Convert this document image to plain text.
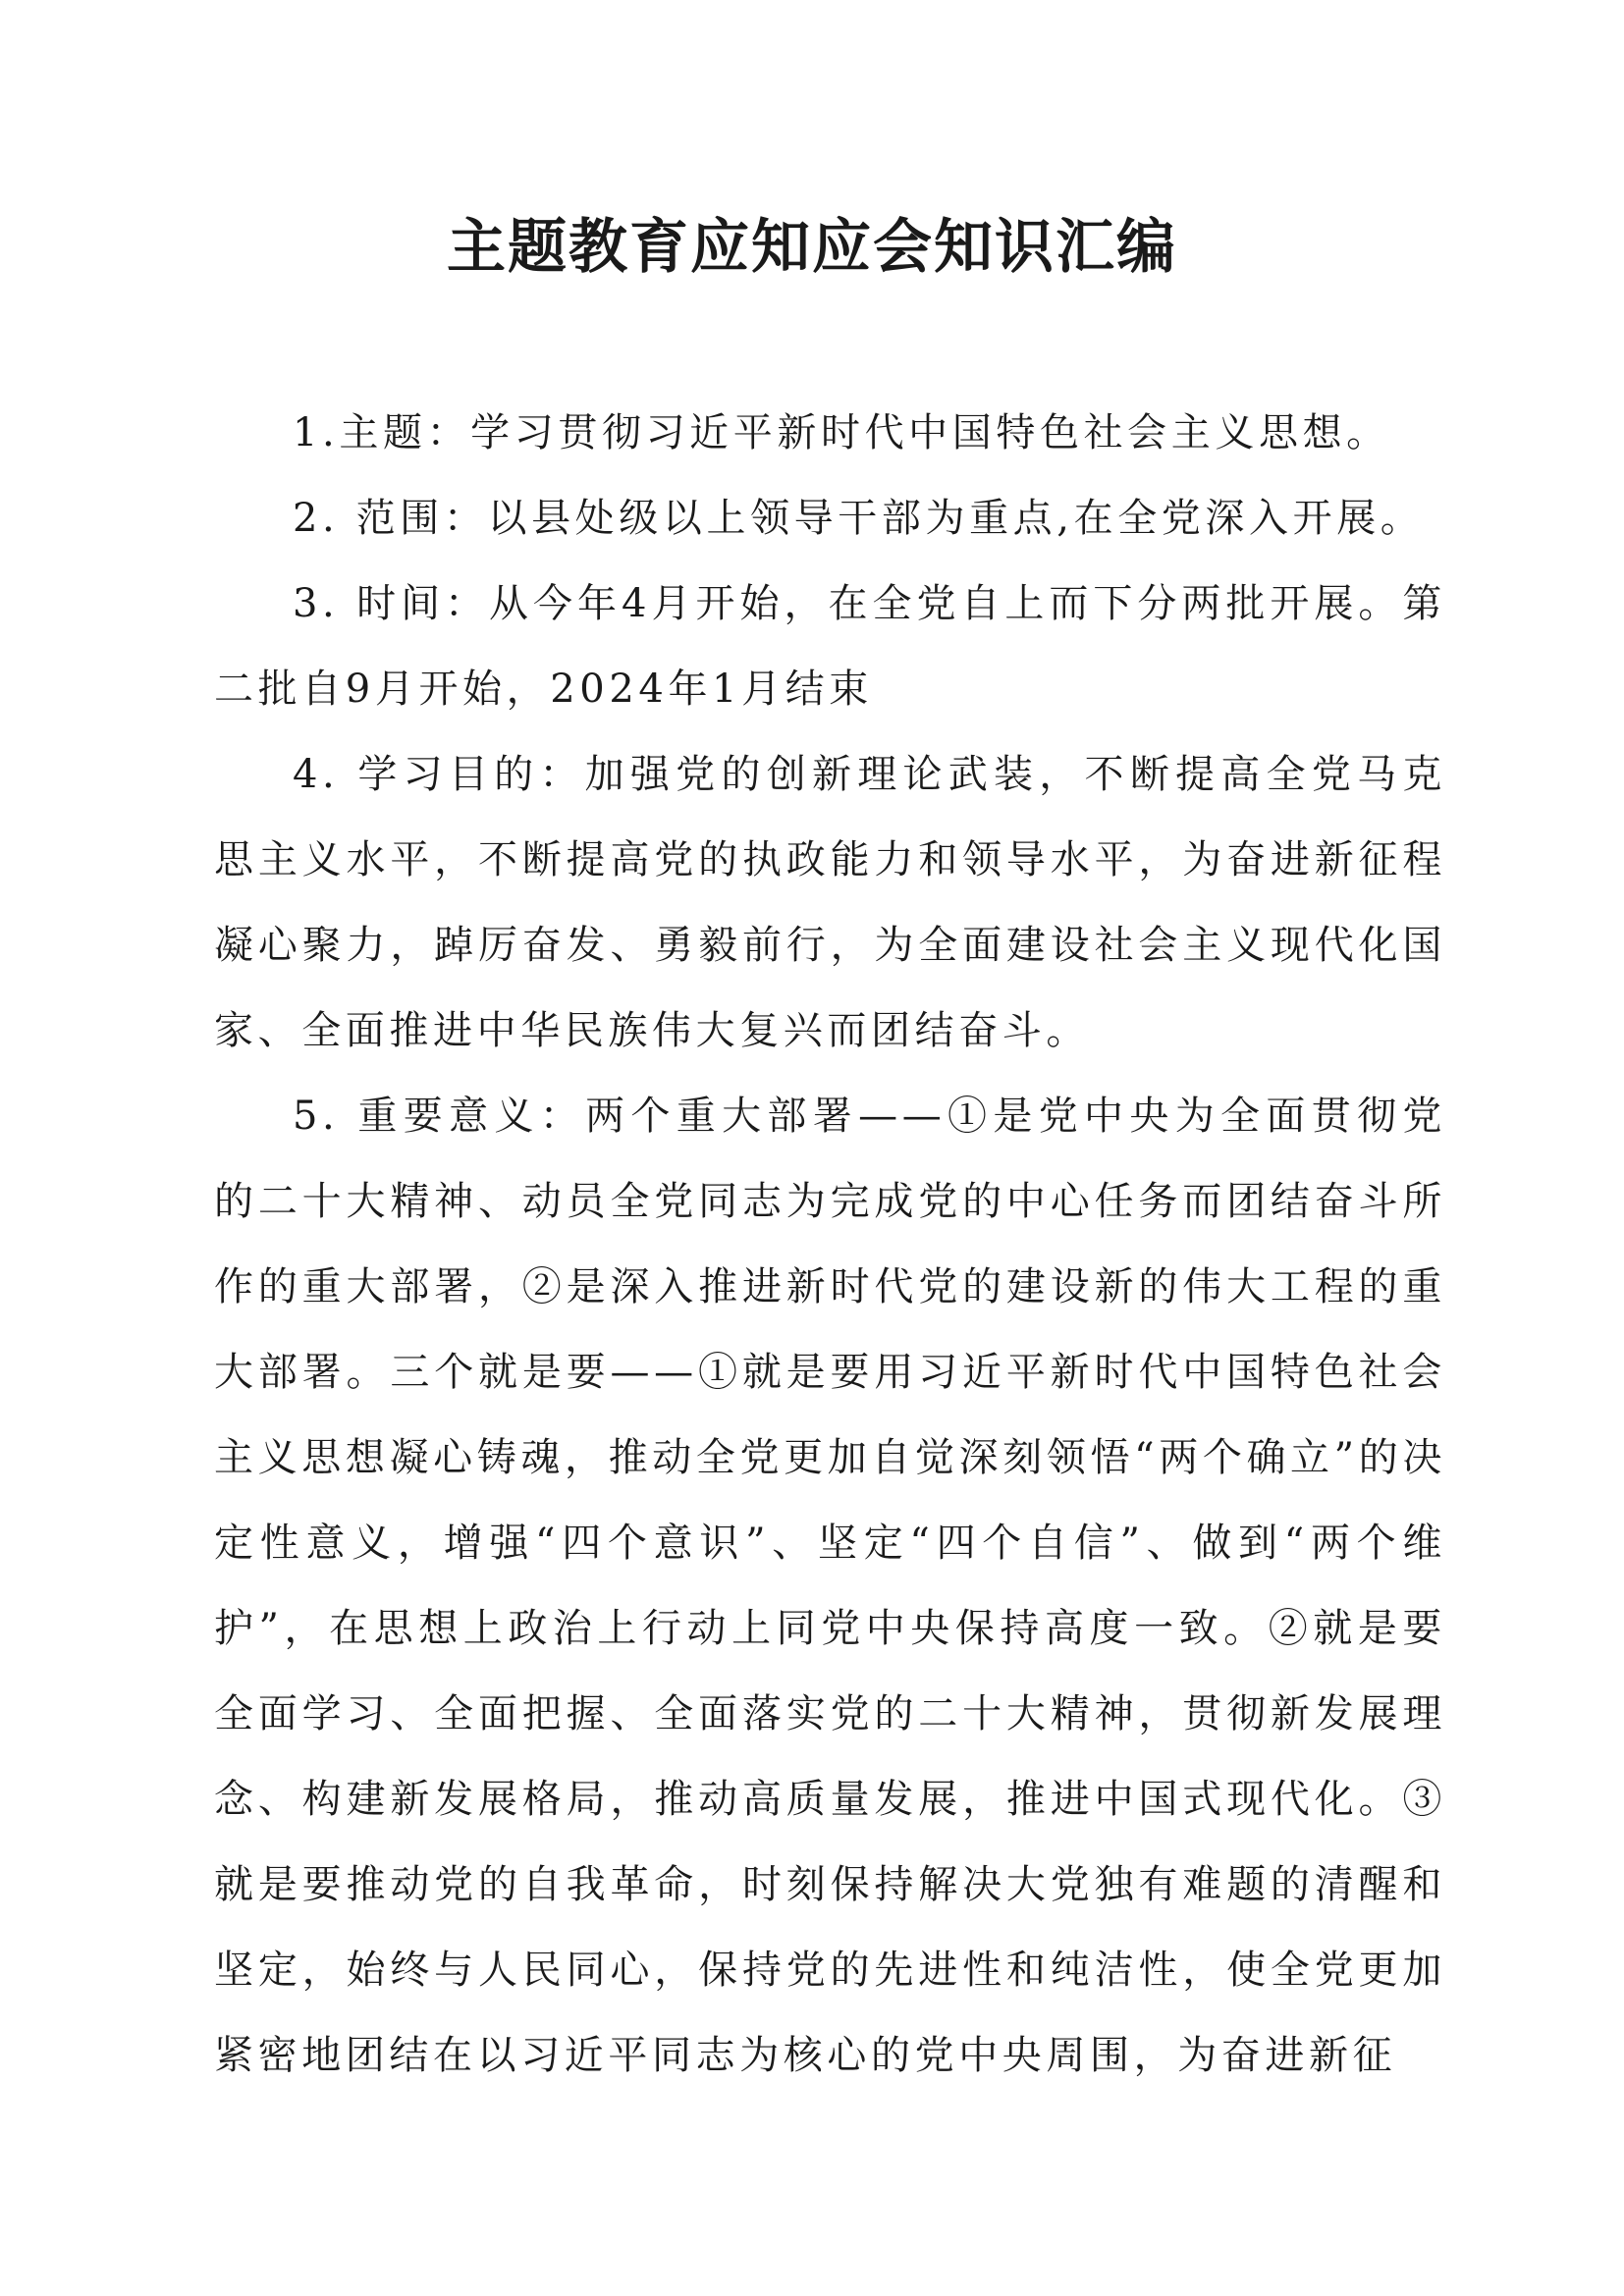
主题教育应知应会知识汇编

1.主题：学习贯彻习近平新时代中国特色社会主义思想。

2. 范围：以县处级以上领导干部为重点,在全党深入开展。

3. 时间：从今年4月开始，在全党自上而下分两批开展。第二批自9月开始，2024年1月结束

4. 学习目的：加强党的创新理论武装，不断提高全党马克思主义水平，不断提高党的执政能力和领导水平，为奋进新征程凝心聚力，踔厉奋发、勇毅前行，为全面建设社会主义现代化国家、全面推进中华民族伟大复兴而团结奋斗。

5. 重要意义：两个重大部署——①是党中央为全面贯彻党的二十大精神、动员全党同志为完成党的中心任务而团结奋斗所作的重大部署，②是深入推进新时代党的建设新的伟大工程的重大部署。三个就是要——①就是要用习近平新时代中国特色社会主义思想凝心铸魂，推动全党更加自觉深刻领悟“两个确立”的决定性意义，增强“四个意识”、坚定“四个自信”、做到“两个维护”，在思想上政治上行动上同党中央保持高度一致。②就是要全面学习、全面把握、全面落实党的二十大精神，贯彻新发展理念、构建新发展格局，推动高质量发展，推进中国式现代化。③就是要推动党的自我革命，时刻保持解决大党独有难题的清醒和坚定，始终与人民同心，保持党的先进性和纯洁性，使全党更加紧密地团结在以习近平同志为核心的党中央周围，为奋进新征
